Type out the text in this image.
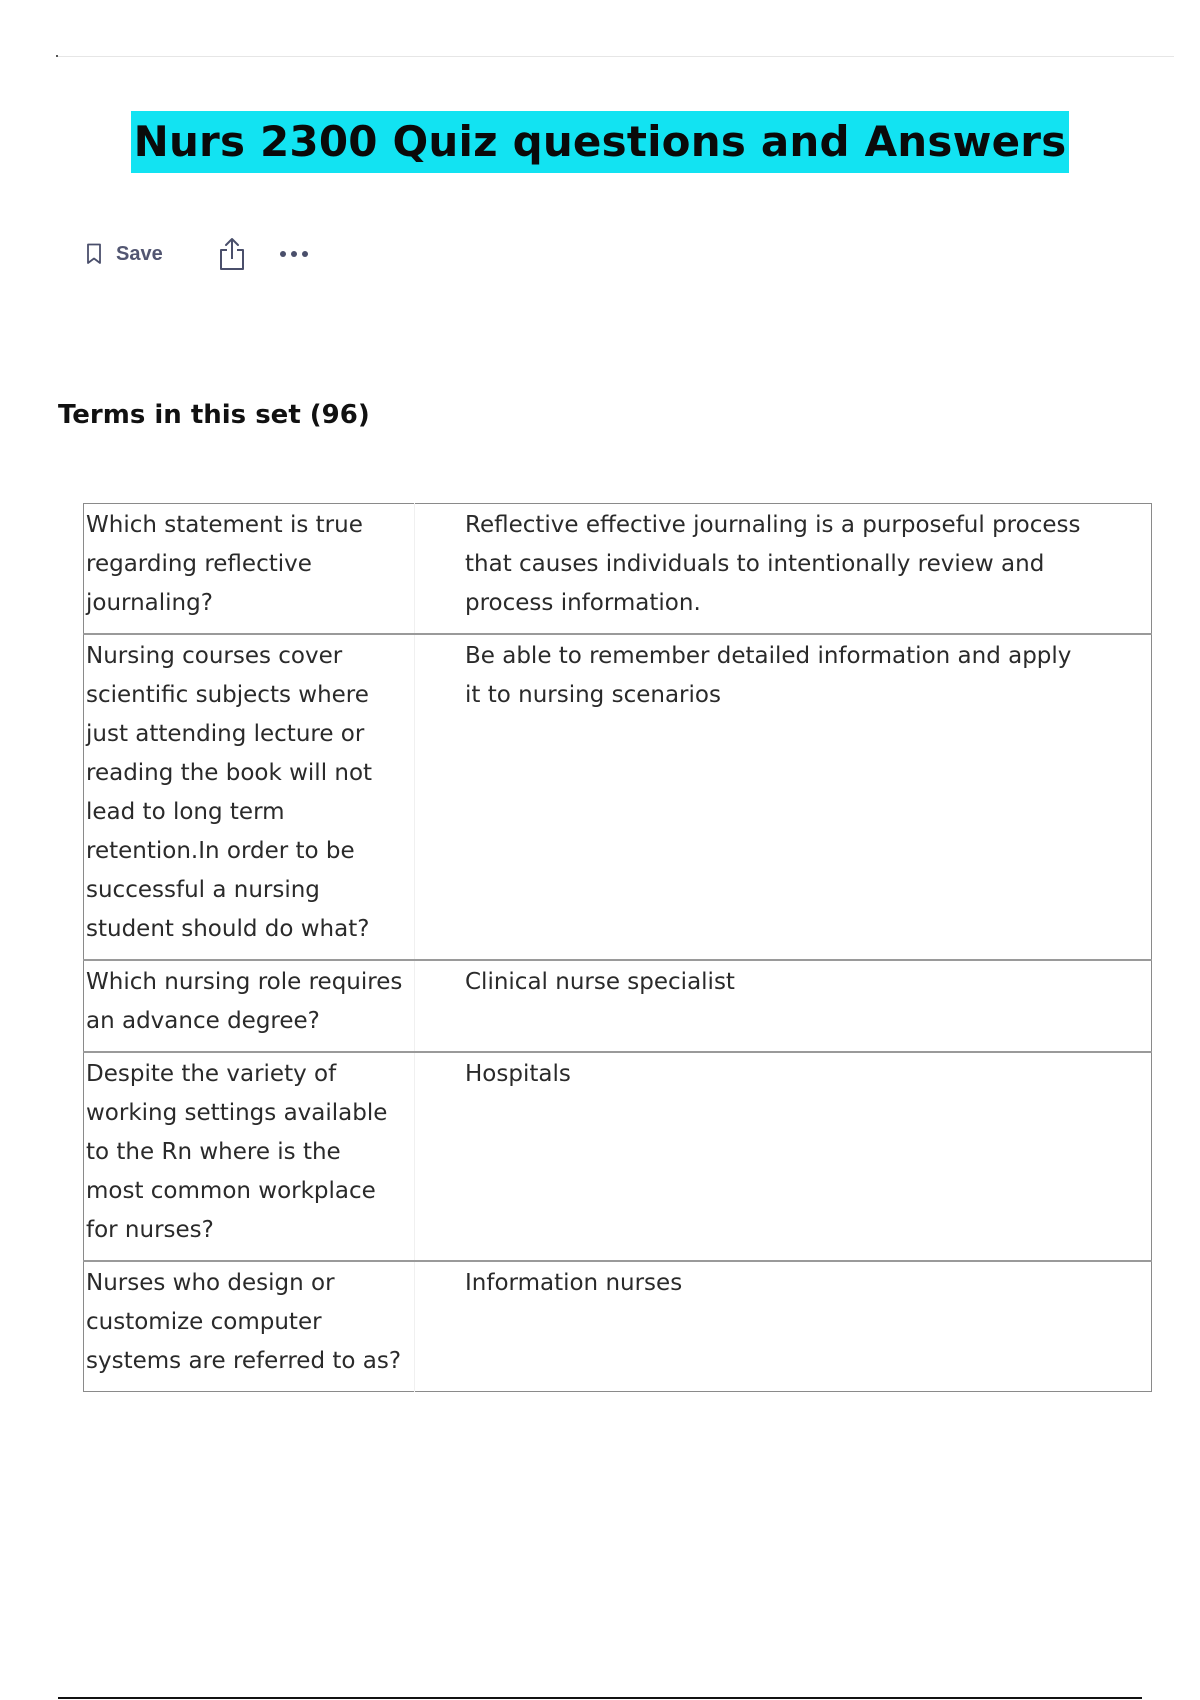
Nurs 2300 Quiz questions and Answers
Save
Terms in this set (96)
Which statement is true regarding reflective journaling?	Reflective effective journaling is a purposeful process that causes individuals to intentionally review and process information.
Nursing courses cover scientific subjects where just attending lecture or reading the book will not lead to long term retention.In order to be successful a nursing student should do what?	Be able to remember detailed information and apply it to nursing scenarios
Which nursing role requires an advance degree?	Clinical nurse specialist
Despite the variety of working settings available to the Rn where is the most common workplace for nurses?	Hospitals
Nurses who design or customize computer systems are referred to as?	Information nurses
